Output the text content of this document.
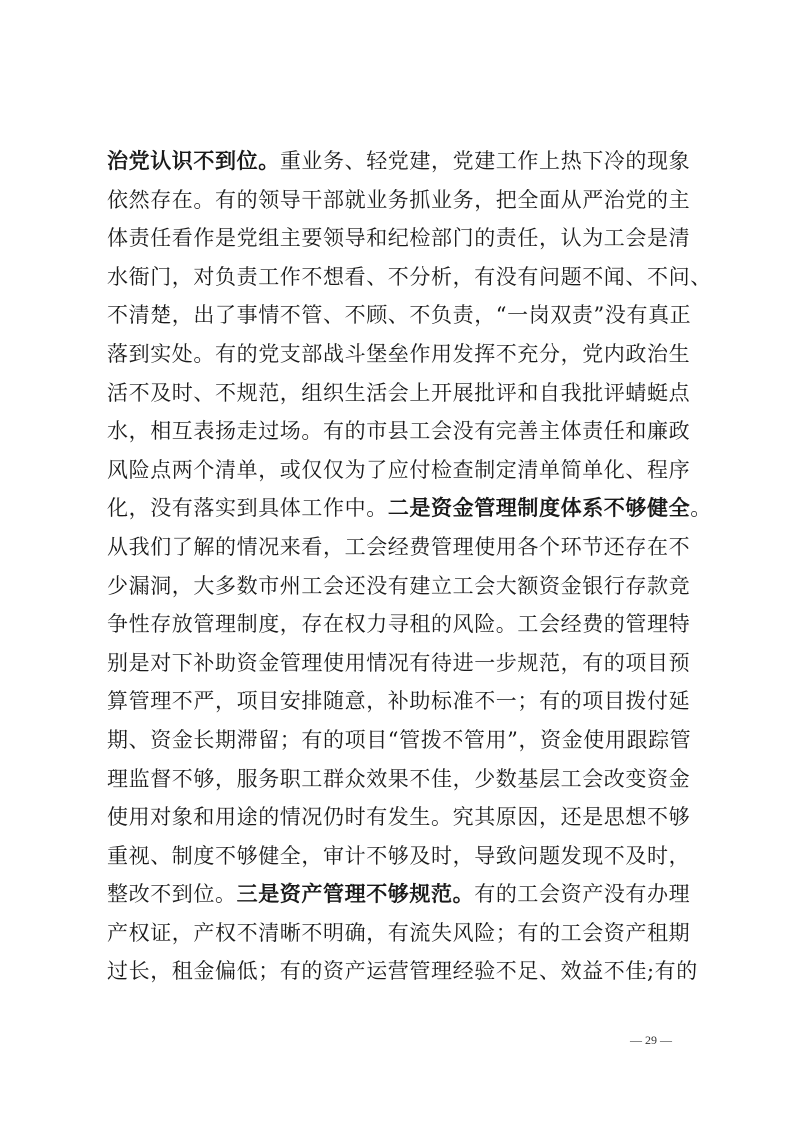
治党认识不到位。重业务、轻党建，党建工作上热下冷的现象
依然存在。有的领导干部就业务抓业务，把全面从严治党的主
体责任看作是党组主要领导和纪检部门的责任，认为工会是清
水衙门，对负责工作不想看、不分析，有没有问题不闻、不问、
不清楚，出了事情不管、不顾、不负责，“一岗双责”没有真正
落到实处。有的党支部战斗堡垒作用发挥不充分，党内政治生
活不及时、不规范，组织生活会上开展批评和自我批评蜻蜓点
水，相互表扬走过场。有的市县工会没有完善主体责任和廉政
风险点两个清单，或仅仅为了应付检查制定清单简单化、程序
化，没有落实到具体工作中。二是资金管理制度体系不够健全。
从我们了解的情况来看，工会经费管理使用各个环节还存在不
少漏洞，大多数市州工会还没有建立工会大额资金银行存款竞
争性存放管理制度，存在权力寻租的风险。工会经费的管理特
别是对下补助资金管理使用情况有待进一步规范，有的项目预
算管理不严，项目安排随意，补助标准不一；有的项目拨付延
期、资金长期滞留；有的项目“管拨不管用”，资金使用跟踪管
理监督不够，服务职工群众效果不佳，少数基层工会改变资金
使用对象和用途的情况仍时有发生。究其原因，还是思想不够
重视、制度不够健全，审计不够及时，导致问题发现不及时，
整改不到位。三是资产管理不够规范。有的工会资产没有办理
产权证，产权不清晰不明确，有流失风险；有的工会资产租期
过长，租金偏低；有的资产运营管理经验不足、效益不佳;有的
— 29 —
